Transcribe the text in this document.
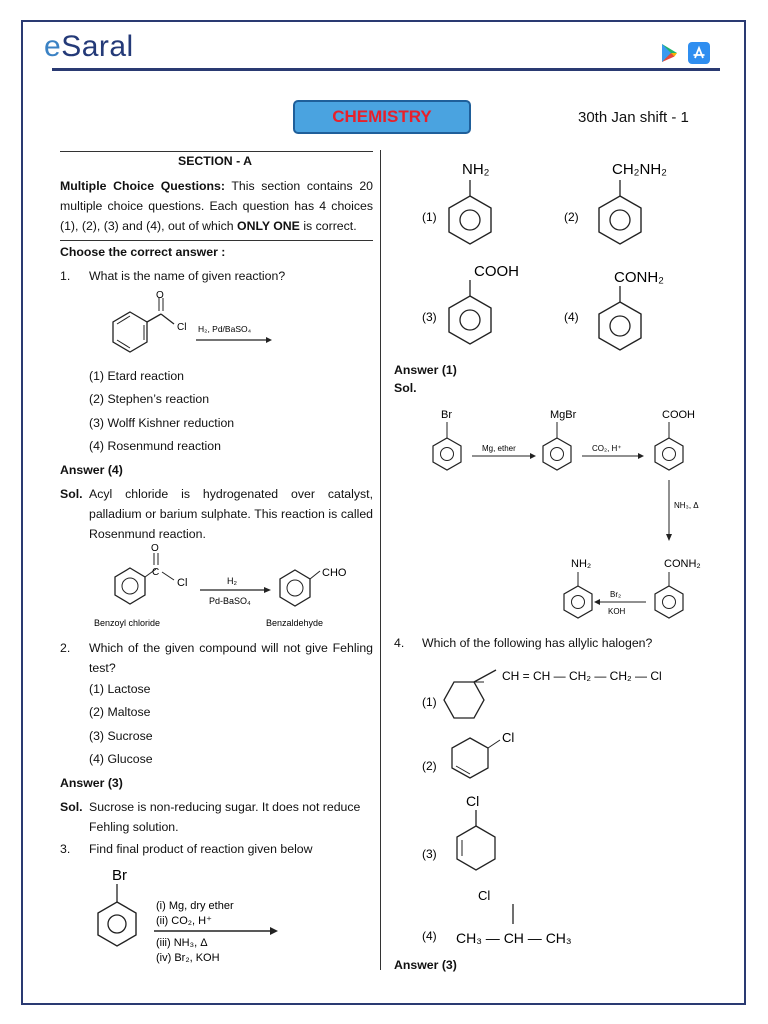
eSaral
CHEMISTRY	30th Jan shift - 1
SECTION - A
Multiple Choice Questions: This section contains 20 multiple choice questions. Each question has 4 choices (1), (2), (3) and (4), out of which ONLY ONE is correct.
Choose the correct answer :
1. What is the name of given reaction?
O
Cl H₂, Pd/BaSO₄
(1) Etard reaction
(2) Stephen’s reaction
(3) Wolff Kishner reduction
(4) Rosenmund reaction
Answer (4)
Sol. Acyl chloride is hydrogenated over catalyst, palladium or barium sulphate. This reaction is called Rosenmund reaction.
O
C
Cl	H₂
Pd-BaSO₄
CHO
Benzoyl chloride	Benzaldehyde
2. Which of the given compound will not give Fehling test?
(1) Lactose
(2) Maltose
(3) Sucrose
(4) Glucose
Answer (3)
Sol. Sucrose is non-reducing sugar. It does not reduce Fehling solution.
3. Find final product of reaction given below
Br
(i) Mg, dry ether
(ii) CO₂, H⁺
(iii) NH₃, Δ
(iv) Br₂, KOH
(1)
NH₂
(2)
CH₂NH₂
(3)
COOH
(4)
CONH₂
Answer (1)
Sol.
Br
Mg, ether
MgBr
CO₂, H⁺
COOH
NH₃, Δ
CONH₂
Br₂
KOH
NH₂
4. Which of the following has allylic halogen?
(1)
CH = CH — CH₂ — CH₂ — Cl
(2)
Cl
(3)
Cl
(4)
Cl
CH₃ — CH — CH₃
Answer (3)
